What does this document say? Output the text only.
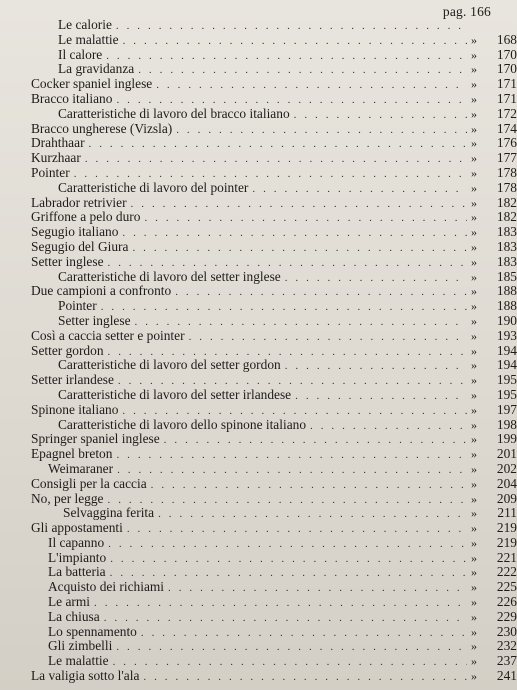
pag. 166
Le calorie
. . .
Le malattie . . .	»	168
Il calore . . .	»	170
La gravidanza . . .	»	170
Cocker spaniel inglese . . .	»	171
Bracco italiano . . .	»	171
Caratteristiche di lavoro del bracco italiano . . .	»	172
Bracco ungherese (Vizsla) . . .	»	174
Drahthaar . . .	»	176
Kurzhaar . . .	»	177
Pointer . . .	»	178
Caratteristiche di lavoro del pointer . . .	»	178
Labrador retrivier . . .	»	182
Griffone a pelo duro . . .	»	182
Segugio italiano . . .	»	183
Segugio del Giura . . .	»	183
Setter inglese . . .	»	183
Caratteristiche di lavoro del setter inglese . . .	»	185
Due campioni a confronto . . .	»	188
Pointer . . .	»	188
Setter inglese . . .	»	190
Così a caccia setter e pointer . . .	»	193
Setter gordon . . .	»	194
Caratteristiche di lavoro del setter gordon . . .	»	194
Setter irlandese . . .	»	195
Caratteristiche di lavoro del setter irlandese . . .	»	195
Spinone italiano . . .	»	197
Caratteristiche di lavoro dello spinone italiano . . .	»	198
Springer spaniel inglese . . .	»	199
Epagnel breton . . .	»	201
Weimaraner . . .	»	202
Consigli per la caccia . . .	»	204
No, per legge . . .	»	209
Selvaggina ferita . . .	»	211
Gli appostamenti . . .	»	219
Il capanno . . .	»	219
L'impianto . . .	»	221
La batteria . . .	»	222
Acquisto dei richiami . . .	»	225
Le armi . . .	»	226
La chiusa . . .	»	229
Lo spennamento . . .	»	230
Gli zimbelli . . .	»	232
Le malattie . . .	»	237
La valigia sotto l'ala . . .	»	241
